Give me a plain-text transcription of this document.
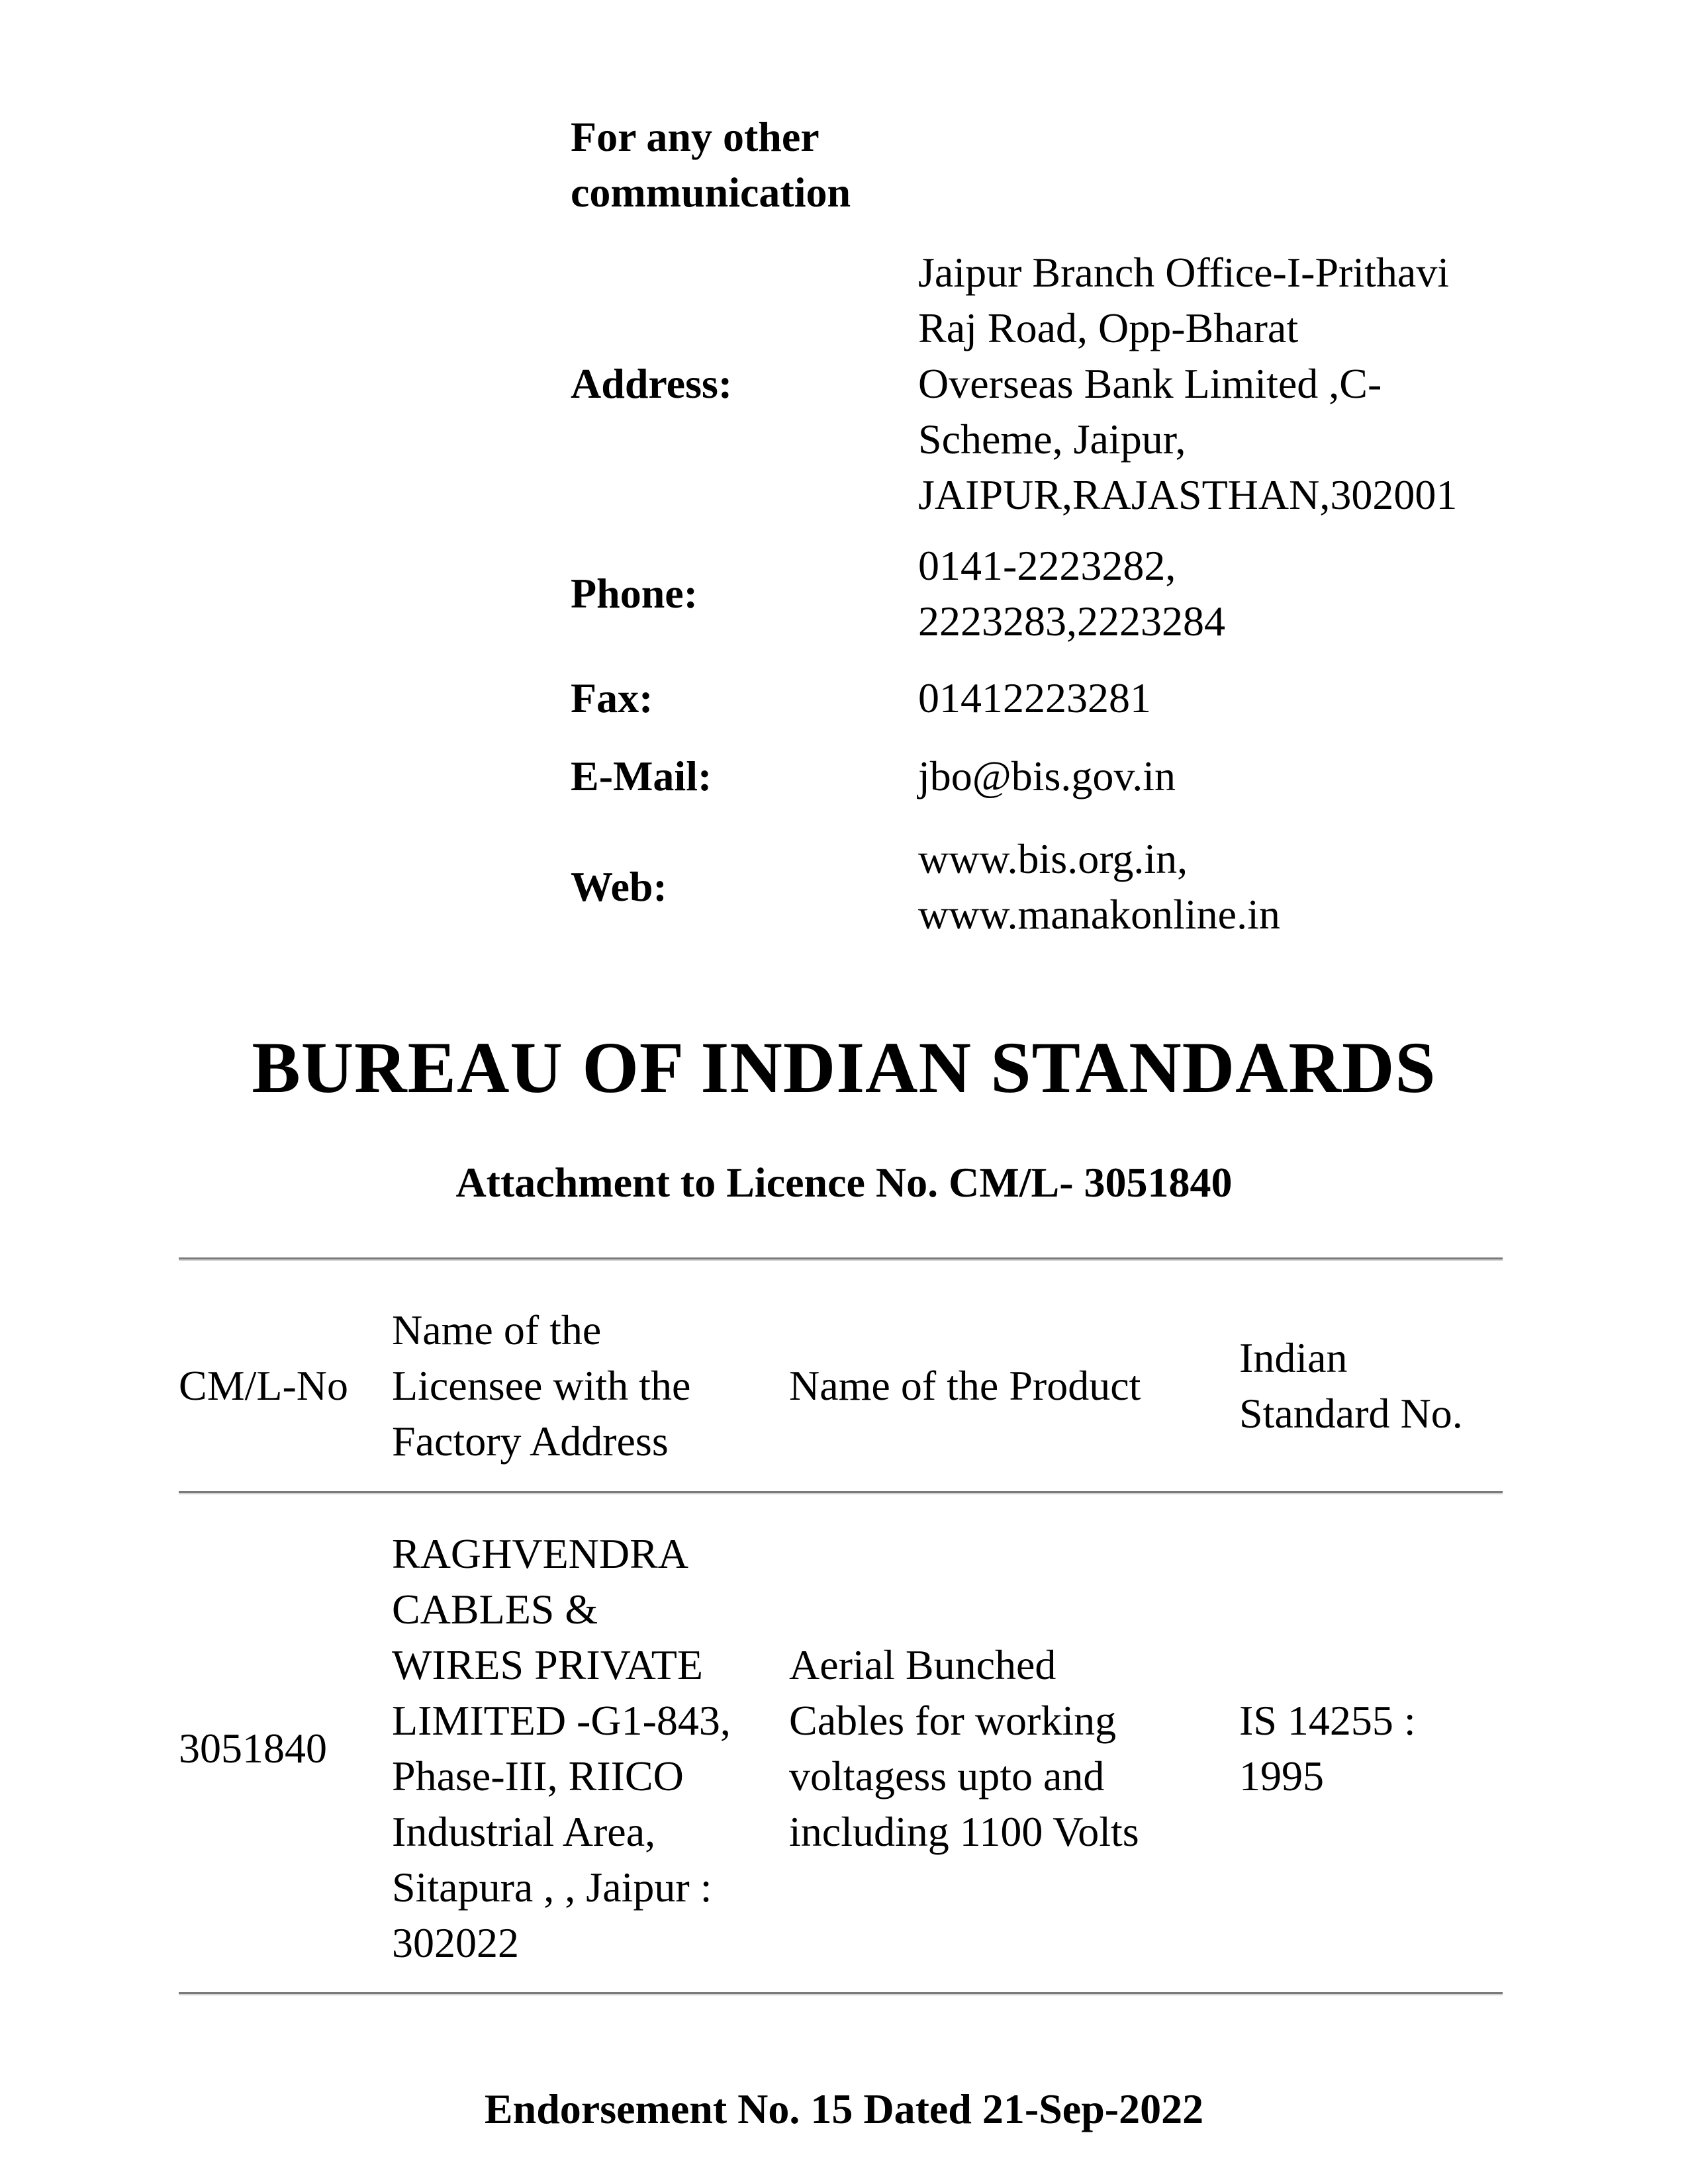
For any other
communication
Address:
Jaipur Branch Office-I-Prithavi
Raj Road, Opp-Bharat
Overseas Bank Limited ,C-
Scheme, Jaipur,
JAIPUR,RAJASTHAN,302001
Phone:
0141-2223282,
2223283,2223284
Fax:	01412223281
E-Mail:	jbo@bis.gov.in
Web:
www.bis.org.in,
www.manakonline.in
BUREAU OF INDIAN STANDARDS
Attachment to Licence No. CM/L- 3051840
CM/L-No
Name of the
Licensee with the
Factory Address
Name of the Product
Indian
Standard No.
3051840
RAGHVENDRA
CABLES &
WIRES PRIVATE
LIMITED -G1-843,
Phase-III, RIICO
Industrial Area,
Sitapura , , Jaipur :
302022
Aerial Bunched
Cables for working
voltagess upto and
including 1100 Volts
IS 14255 :
1995
Endorsement No. 15 Dated 21-Sep-2022
